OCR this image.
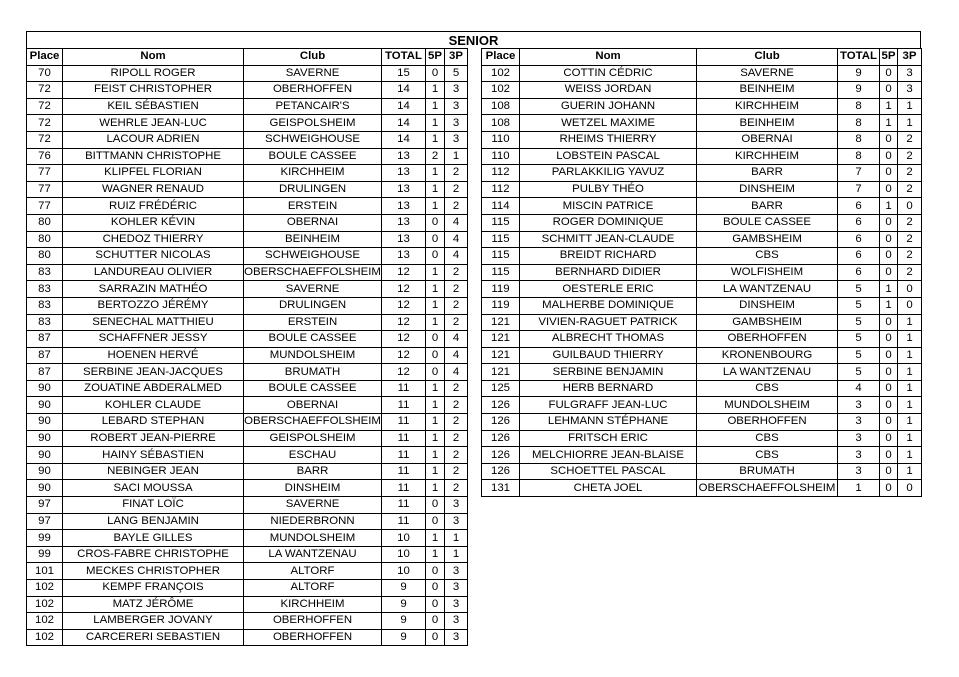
SENIOR
Place	Nom	Club	TOTAL	5P	3P
70	RIPOLL ROGER	SAVERNE	15	0	5
72	FEIST CHRISTOPHER	OBERHOFFEN	14	1	3
72	KEIL SÉBASTIEN	PETANCAIR'S	14	1	3
72	WEHRLE JEAN-LUC	GEISPOLSHEIM	14	1	3
72	LACOUR ADRIEN	SCHWEIGHOUSE	14	1	3
76	BITTMANN CHRISTOPHE	BOULE CASSEE	13	2	1
77	KLIPFEL FLORIAN	KIRCHHEIM	13	1	2
77	WAGNER RENAUD	DRULINGEN	13	1	2
77	RUIZ FRÉDÉRIC	ERSTEIN	13	1	2
80	KOHLER KÉVIN	OBERNAI	13	0	4
80	CHEDOZ THIERRY	BEINHEIM	13	0	4
80	SCHUTTER NICOLAS	SCHWEIGHOUSE	13	0	4
83	LANDUREAU OLIVIER	OBERSCHAEFFOLSHEIM	12	1	2
83	SARRAZIN MATHÉO	SAVERNE	12	1	2
83	BERTOZZO JÉRÉMY	DRULINGEN	12	1	2
83	SENECHAL MATTHIEU	ERSTEIN	12	1	2
87	SCHAFFNER JESSY	BOULE CASSEE	12	0	4
87	HOENEN HERVÉ	MUNDOLSHEIM	12	0	4
87	SERBINE JEAN-JACQUES	BRUMATH	12	0	4
90	ZOUATINE ABDERALMED	BOULE CASSEE	11	1	2
90	KOHLER CLAUDE	OBERNAI	11	1	2
90	LEBARD STEPHAN	OBERSCHAEFFOLSHEIM	11	1	2
90	ROBERT JEAN-PIERRE	GEISPOLSHEIM	11	1	2
90	HAINY SÉBASTIEN	ESCHAU	11	1	2
90	NEBINGER JEAN	BARR	11	1	2
90	SACI MOUSSA	DINSHEIM	11	1	2
97	FINAT LOÏC	SAVERNE	11	0	3
97	LANG BENJAMIN	NIEDERBRONN	11	0	3
99	BAYLE GILLES	MUNDOLSHEIM	10	1	1
99	CROS-FABRE CHRISTOPHE	LA WANTZENAU	10	1	1
101	MECKES CHRISTOPHER	ALTORF	10	0	3
102	KEMPF FRANÇOIS	ALTORF	9	0	3
102	MATZ JÉRÔME	KIRCHHEIM	9	0	3
102	LAMBERGER JOVANY	OBERHOFFEN	9	0	3
102	CARCERERI SEBASTIEN	OBERHOFFEN	9	0	3
Place	Nom	Club	TOTAL	5P	3P
102	COTTIN CÉDRIC	SAVERNE	9	0	3
102	WEISS JORDAN	BEINHEIM	9	0	3
108	GUERIN JOHANN	KIRCHHEIM	8	1	1
108	WETZEL MAXIME	BEINHEIM	8	1	1
110	RHEIMS THIERRY	OBERNAI	8	0	2
110	LOBSTEIN PASCAL	KIRCHHEIM	8	0	2
112	PARLAKKILIG YAVUZ	BARR	7	0	2
112	PULBY THÉO	DINSHEIM	7	0	2
114	MISCIN PATRICE	BARR	6	1	0
115	ROGER DOMINIQUE	BOULE CASSEE	6	0	2
115	SCHMITT JEAN-CLAUDE	GAMBSHEIM	6	0	2
115	BREIDT RICHARD	CBS	6	0	2
115	BERNHARD DIDIER	WOLFISHEIM	6	0	2
119	OESTERLE ERIC	LA WANTZENAU	5	1	0
119	MALHERBE DOMINIQUE	DINSHEIM	5	1	0
121	VIVIEN-RAGUET PATRICK	GAMBSHEIM	5	0	1
121	ALBRECHT THOMAS	OBERHOFFEN	5	0	1
121	GUILBAUD THIERRY	KRONENBOURG	5	0	1
121	SERBINE BENJAMIN	LA WANTZENAU	5	0	1
125	HERB BERNARD	CBS	4	0	1
126	FULGRAFF JEAN-LUC	MUNDOLSHEIM	3	0	1
126	LEHMANN STÉPHANE	OBERHOFFEN	3	0	1
126	FRITSCH ERIC	CBS	3	0	1
126	MELCHIORRE JEAN-BLAISE	CBS	3	0	1
126	SCHOETTEL PASCAL	BRUMATH	3	0	1
131	CHETA JOEL	OBERSCHAEFFOLSHEIM	1	0	0
